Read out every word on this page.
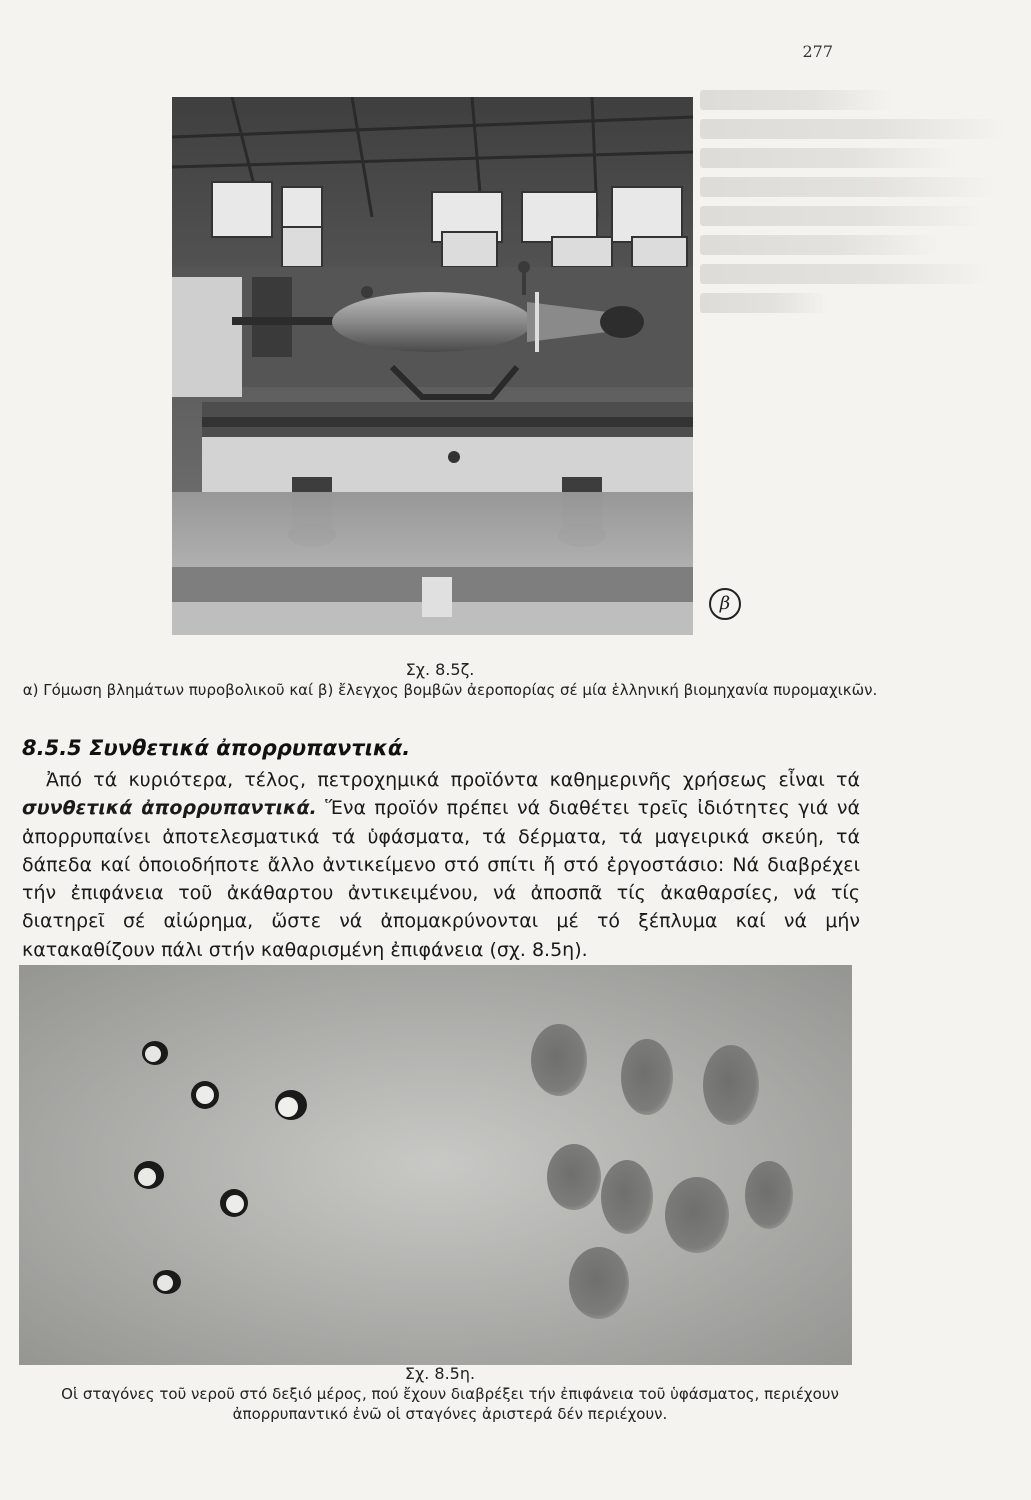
277
β
Σχ. 8.5ζ.
α) Γόμωση βλημάτων πυροβολικοῦ καί β) ἔλεγχος βομβῶν ἀεροπορίας σέ μία ἑλληνική βιομηχανία πυρομαχικῶν.
8.5.5 Συνθετικά ἀπορρυπαντικά.
Ἀπό τά κυριότερα, τέλος, πετροχημικά προϊόντα καθημερινῆς χρήσεως εἶναι τά συνθετικά ἀπορρυπαντικά. Ἕνα προϊόν πρέπει νά διαθέτει τρεῖς ἰδιότητες γιά νά ἀπορρυπαίνει ἀποτελεσματικά τά ὑφάσματα, τά δέρματα, τά μαγειρικά σκεύη, τά δάπεδα καί ὁποιοδήποτε ἄλλο ἀντικείμενο στό σπίτι ἤ στό ἐργοστάσιο: Νά διαβρέχει τήν ἐπιφάνεια τοῦ ἀκάθαρτου ἀντικειμένου, νά ἀποσπᾶ τίς ἀκαθαρσίες, νά τίς διατηρεῖ σέ αἰώρημα, ὥστε νά ἀπομακρύνονται μέ τό ξέπλυμα καί νά μήν κατακαθίζουν πάλι στήν καθαρισμένη ἐπιφάνεια (σχ. 8.5η).
Σχ. 8.5η.
Οἱ σταγόνες τοῦ νεροῦ στό δεξιό μέρος, πού ἔχουν διαβρέξει τήν ἐπιφάνεια τοῦ ὑφάσματος, περιέχουν ἀπορρυπαντικό ἐνῶ οἱ σταγόνες ἀριστερά δέν περιέχουν.
